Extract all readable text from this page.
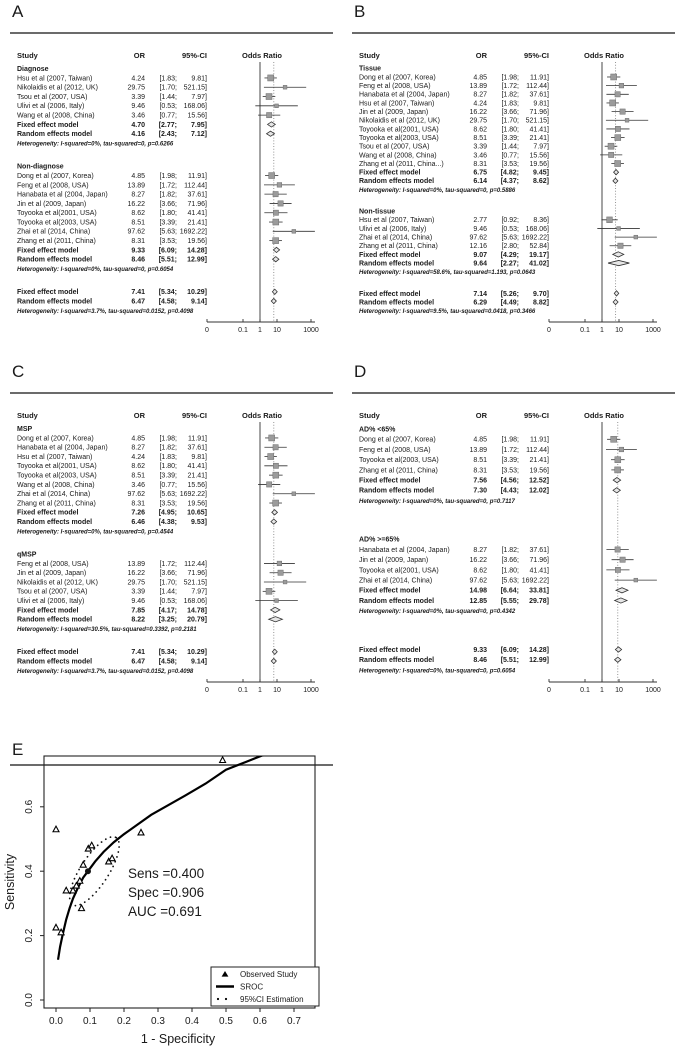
A
Study	OR	95%-CI	Odds Ratio
0	0.1 1 10	1000
Diagnose
Hsu et al (2007, Taiwan)	4.24 [1.83; 9.81]
Nikolaidis et al (2012, UK)	29.75 [1.70; 521.15]
Tsou et al (2007, USA)	3.39 [1.44; 7.97]
Ulivi et al (2006, Italy)	9.46 [0.53; 168.06]
Wang et al (2008, China)	3.46 [0.77; 15.56]
Fixed effect model	4.70 [2.77; 7.95]
Random effects model	4.16 [2.43; 7.12]
Heterogeneity: I-squared=0%, tau-squared=0, p=0.6266
Non-diagnose
Dong et al (2007, Korea)	4.85 [1.98; 11.91]
Feng et al (2008, USA)	13.89 [1.72; 112.44]
Hanabata et al (2004, Japan)	8.27 [1.82; 37.61]
Jin et al (2009, Japan)	16.22 [3.66; 71.96]
Toyooka et al(2001, USA)	8.62 [1.80; 41.41]
Toyooka et al(2003, USA)	8.51 [3.39; 21.41]
Zhai et al (2014, China)	97.62 [5.63; 1692.22]
Zhang et al (2011, China)	8.31 [3.53; 19.56]
Fixed effect model	9.33 [6.09; 14.28]
Random effects model	8.46 [5.51; 12.99]
Heterogeneity: I-squared=0%, tau-squared=0, p=0.6054
Fixed effect model	7.41 [5.34; 10.29]
Random effects model	6.47 [4.58; 9.14]
Heterogeneity: I-squared=3.7%, tau-squared=0.0152, p=0.4098
B
Study	OR	95%-CI	Odds Ratio
0	0.1 1 10	1000
Tissue
Dong et al (2007, Korea)	4.85 [1.98; 11.91]
Feng et al (2008, USA)	13.89 [1.72; 112.44]
Hanabata et al (2004, Japan)	8.27 [1.82; 37.61]
Hsu et al (2007, Taiwan)	4.24 [1.83; 9.81]
Jin et al (2009, Japan)	16.22 [3.66; 71.96]
Nikolaidis et al (2012, UK)	29.75 [1.70; 521.15]
Toyooka et al(2001, USA)	8.62 [1.80; 41.41]
Toyooka et al(2003, USA)	8.51 [3.39; 21.41]
Tsou et al (2007, USA)	3.39 [1.44; 7.97]
Wang et al (2008, China)	3.46 [0.77; 15.56]
Zhang et al (2011, China...)	8.31 [3.53; 19.56]
Fixed effect model	6.75 [4.82; 9.45]
Random effects model	6.14 [4.37; 8.62]
Heterogeneity: I-squared=0%, tau-squared=0, p=0.5886
Non-tissue
Hsu et al (2007, Taiwan)	2.77 [0.92; 8.36]
Ulivi et al (2006, Italy)	9.46 [0.53; 168.06]
Zhai et al (2014, China)	97.62 [5.63; 1692.22]
Zhang et al (2011, China)	12.16 [2.80; 52.84]
Fixed effect model	9.07 [4.29; 19.17]
Random effects model	9.64 [2.27; 41.02]
Heterogeneity: I-squared=58.6%, tau-squared=1.193, p=0.0643
Fixed effect model	7.14 [5.26; 9.70]
Random effects model	6.29 [4.49; 8.82]
Heterogeneity: I-squared=9.5%, tau-squared=0.0418, p=0.3466
C
Study	OR	95%-CI	Odds Ratio
0	0.1 1 10	1000
MSP
Dong et al (2007, Korea)	4.85 [1.98; 11.91]
Hanabata et al (2004, Japan)	8.27 [1.82; 37.61]
Hsu et al (2007, Taiwan)	4.24 [1.83; 9.81]
Toyooka et al(2001, USA)	8.62 [1.80; 41.41]
Toyooka et al(2003, USA)	8.51 [3.39; 21.41]
Wang et al (2008, China)	3.46 [0.77; 15.56]
Zhai et al (2014, China)	97.62 [5.63; 1692.22]
Zhang et al (2011, China)	8.31 [3.53; 19.56]
Fixed effect model	7.26 [4.95; 10.65]
Random effects model	6.46 [4.38; 9.53]
Heterogeneity: I-squared=0%, tau-squared=0, p=0.4544
qMSP
Feng et al (2008, USA)	13.89 [1.72; 112.44]
Jin et al (2009, Japan)	16.22 [3.66; 71.96]
Nikolaidis et al (2012, UK)	29.75 [1.70; 521.15]
Tsou et al (2007, USA)	3.39 [1.44; 7.97]
Ulivi et al (2006, Italy)	9.46 [0.53; 168.06]
Fixed effect model	7.85 [4.17; 14.78]
Random effects model	8.22 [3.25; 20.79]
Heterogeneity: I-squared=30.5%, tau-squared=0.3392, p=0.2181
Fixed effect model	7.41 [5.34; 10.29]
Random effects model	6.47 [4.58; 9.14]
Heterogeneity: I-squared=3.7%, tau-squared=0.0152, p=0.4098
D
Study	OR	95%-CI	Odds Ratio
0	0.1 1 10	1000
AD% <65%
Dong et al (2007, Korea)	4.85 [1.98; 11.91]
Feng et al (2008, USA)	13.89 [1.72; 112.44]
Toyooka et al(2003, USA)	8.51 [3.39; 21.41]
Zhang et al (2011, China)	8.31 [3.53; 19.56]
Fixed effect model	7.56 [4.56; 12.52]
Random effects model	7.30 [4.43; 12.02]
Heterogeneity: I-squared=0%, tau-squared=0, p=0.7117
AD% >=65%
Hanabata et al (2004, Japan)	8.27 [1.82; 37.61]
Jin et al (2009, Japan)	16.22 [3.66; 71.96]
Toyooka et al(2001, USA)	8.62 [1.80; 41.41]
Zhai et al (2014, China)	97.62 [5.63; 1692.22]
Fixed effect model	14.98 [6.64; 33.81]
Random effects model	12.85 [5.55; 29.78]
Heterogeneity: I-squared=0%, tau-squared=0, p=0.4342
Fixed effect model	9.33 [6.09; 14.28]
Random effects model	8.46 [5.51; 12.99]
Heterogeneity: I-squared=0%, tau-squared=0, p=0.6054
E
0.0 0.1 0.2 0.3 0.4 0.5 0.6 0.7
0.0
0.2
0.4
0.6
1 - Specificity
Sensitivity	Sens =0.400
Spec =0.906
AUC =0.691
Observed Study
SROC
95%CI Estimation
